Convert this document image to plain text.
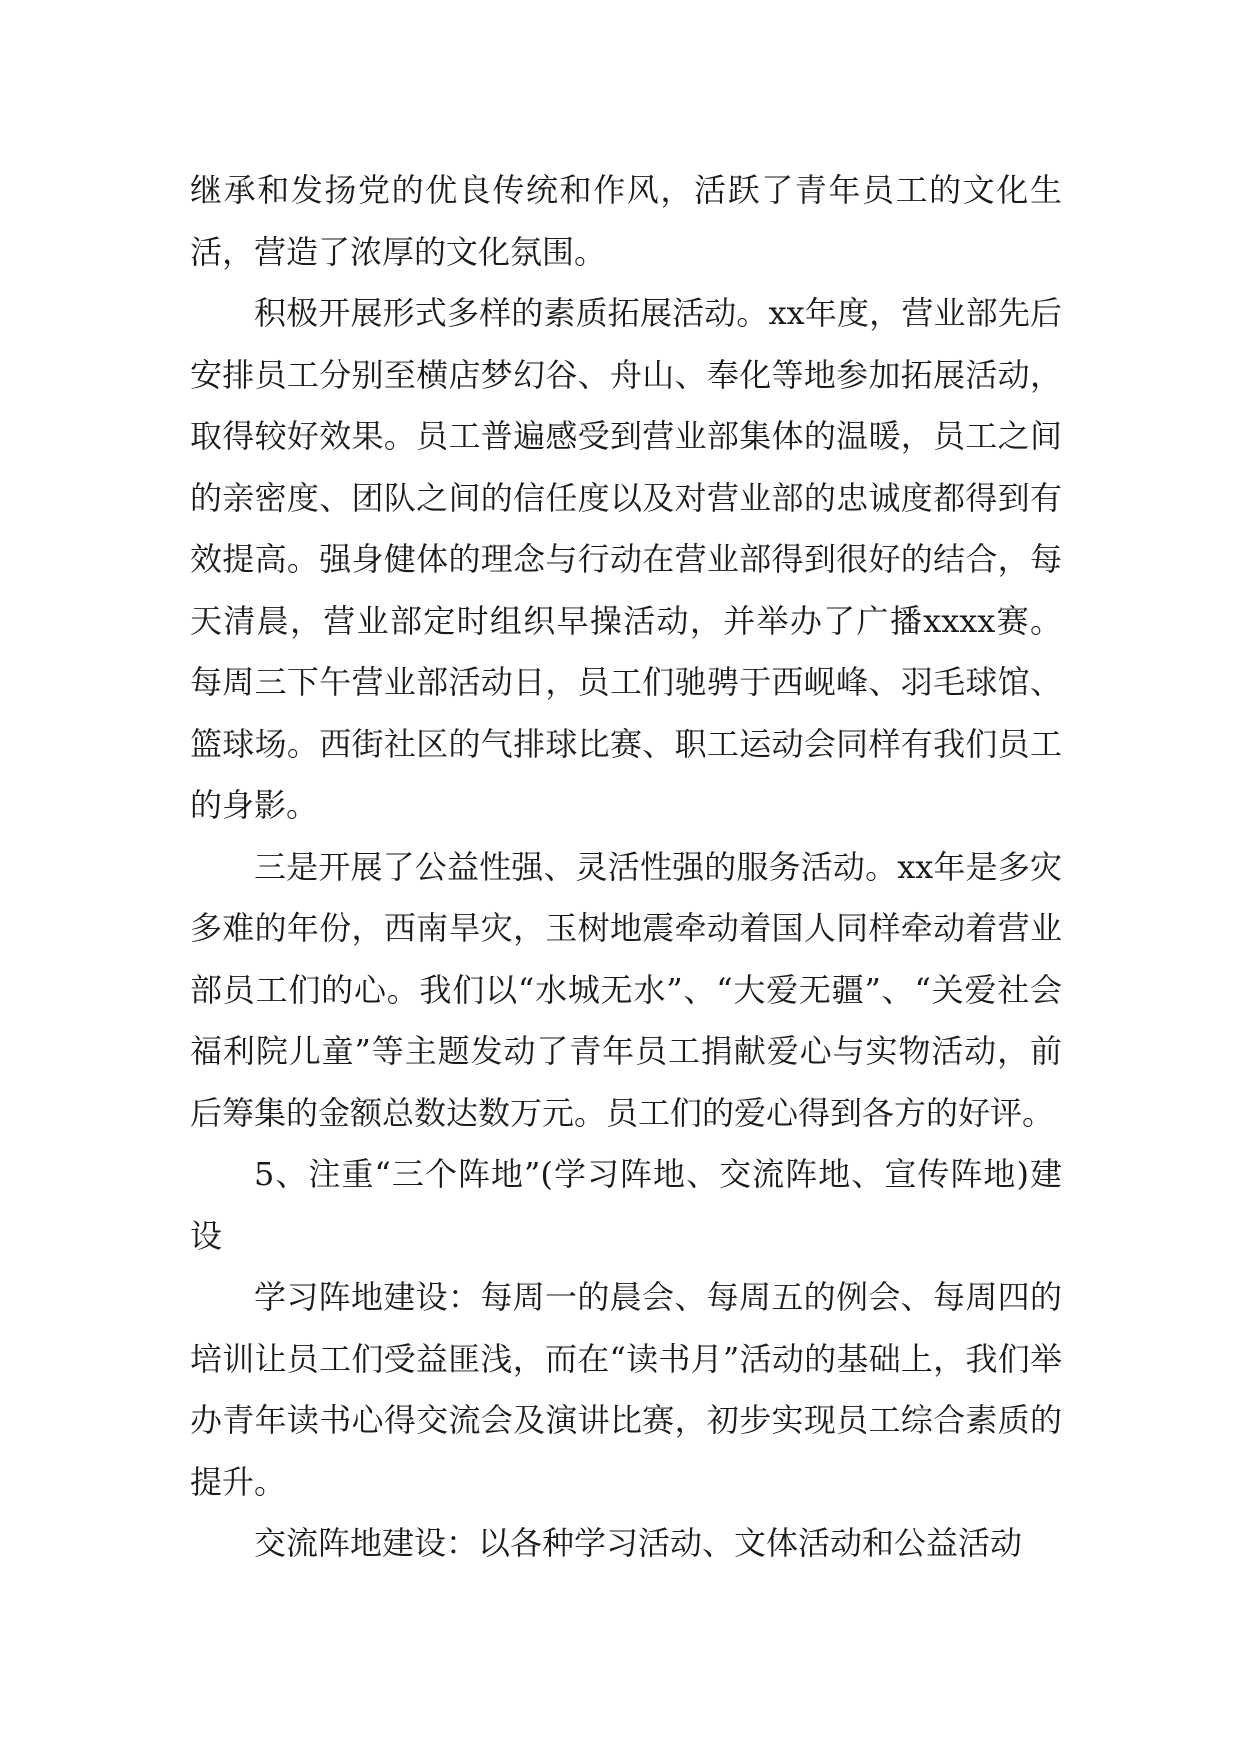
继承和发扬党的优良传统和作风，活跃了青年员工的文化生活，营造了浓厚的文化氛围。

积极开展形式多样的素质拓展活动。xx年度，营业部先后安排员工分别至横店梦幻谷、舟山、奉化等地参加拓展活动，取得较好效果。员工普遍感受到营业部集体的温暖，员工之间的亲密度、团队之间的信任度以及对营业部的忠诚度都得到有效提高。强身健体的理念与行动在营业部得到很好的结合，每天清晨，营业部定时组织早操活动，并举办了广播xxxx赛。每周三下午营业部活动日，员工们驰骋于西岘峰、羽毛球馆、篮球场。西街社区的气排球比赛、职工运动会同样有我们员工的身影。

三是开展了公益性强、灵活性强的服务活动。xx年是多灾多难的年份，西南旱灾，玉树地震牵动着国人同样牵动着营业部员工们的心。我们以“水城无水”、“大爱无疆”、“关爱社会福利院儿童”等主题发动了青年员工捐献爱心与实物活动，前后筹集的金额总数达数万元。员工们的爱心得到各方的好评。

5、注重“三个阵地”(学习阵地、交流阵地、宣传阵地)建设

学习阵地建设：每周一的晨会、每周五的例会、每周四的培训让员工们受益匪浅，而在“读书月”活动的基础上，我们举办青年读书心得交流会及演讲比赛，初步实现员工综合素质的提升。

交流阵地建设：以各种学习活动、文体活动和公益活动
